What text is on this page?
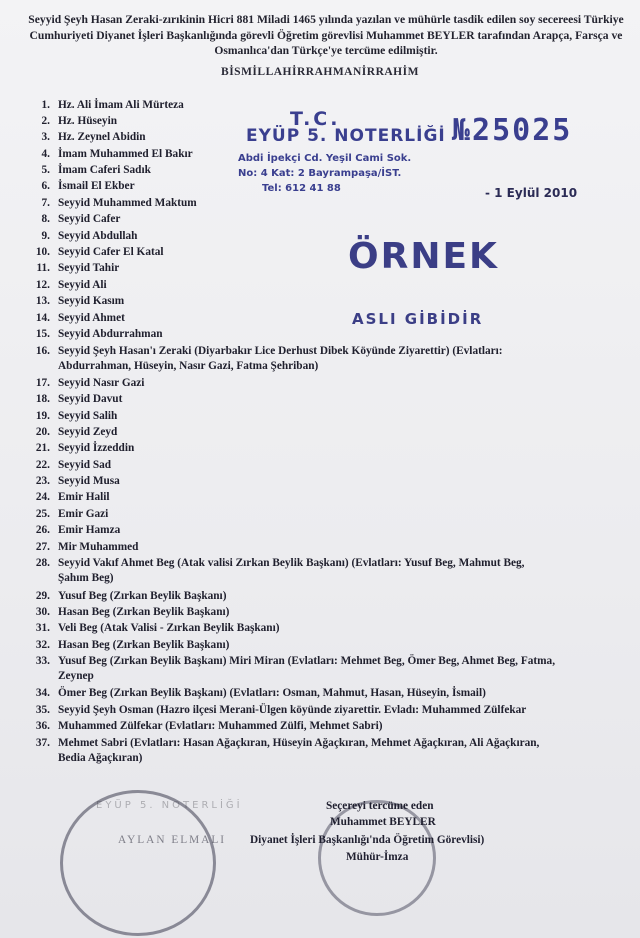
Seyyid Şeyh Hasan Zeraki-zırıkinin Hicri 881 Miladi 1465 yılında yazılan ve mühürle tasdik edilen soy secereesi Türkiye Cumhuriyeti Diyanet İşleri Başkanlığında görevli Öğretim görevlisi Muhammet BEYLER tarafından Arapça, Farsça ve Osmanlıca'dan Türkçe'ye tercüme edilmiştir.
BİSMİLLAHİRRAHMANİRRAHİM
1. Hz. Ali İmam Ali Mürteza
2. Hz. Hüseyin
3. Hz. Zeynel Abidin
4. İmam Muhammed El Bakır
5. İmam Caferi Sadık
6. İsmail El Ekber
7. Seyyid Muhammed Maktum
8. Seyyid Cafer
9. Seyyid Abdullah
10. Seyyid Cafer El Katal
11. Seyyid Tahir
12. Seyyid Ali
13. Seyyid Kasım
14. Seyyid Ahmet
15. Seyyid Abdurrahman
16. Seyyid Şeyh Hasan'ı Zeraki (Diyarbakır Lice Derhust Dibek Köyünde Ziyarettir) (Evlatları:
Abdurrahman, Hüseyin, Nasır Gazi, Fatma Şehriban)
17. Seyyid Nasır Gazi
18. Seyyid Davut
19. Seyyid Salih
20. Seyyid Zeyd
21. Seyyid İzzeddin
22. Seyyid Sad
23. Seyyid Musa
24. Emir Halil
25. Emir Gazi
26. Emir Hamza
27. Mir Muhammed
28. Seyyid Vakıf Ahmet Beg (Atak valisi Zırkan Beylik Başkanı) (Evlatları: Yusuf Beg, Mahmut Beg,
Şahım Beg)
29. Yusuf Beg (Zırkan Beylik Başkanı)
30. Hasan Beg (Zırkan Beylik Başkanı)
31. Veli Beg (Atak Valisi - Zırkan Beylik Başkanı)
32. Hasan Beg (Zırkan Beylik Başkanı)
33. Yusuf Beg (Zırkan Beylik Başkanı) Miri Miran (Evlatları: Mehmet Beg, Ömer Beg, Ahmet Beg, Fatma,
Zeynep
34. Ömer Beg (Zırkan Beylik Başkanı) (Evlatları: Osman, Mahmut, Hasan, Hüseyin, İsmail)
35. Seyyid Şeyh Osman (Hazro ilçesi Merani-Ülgen köyünde ziyarettir. Evladı: Muhammed Zülfekar
36. Muhammed Zülfekar (Evlatları: Muhammed Zülfi, Mehmet Sabri)
37. Mehmet Sabri (Evlatları: Hasan Ağaçkıran, Hüseyin Ağaçkıran, Mehmet Ağaçkıran, Ali Ağaçkıran,
Bedia Ağaçkıran)
T.C.
EYÜP 5. NOTERLİĞİ №25025
Abdi İpekçi Cd. Yeşil Cami Sok.
No: 4 Kat: 2 Bayrampaşa/İST.
Tel: 612 41 88	- 1 Eylül 2010
ÖRNEK
ASLI GİBİDİR
EYÜP 5. NOTERLİĞİ	Seçereyi tercüme eden
Muhammet BEYLER
AYLAN ELMALI Diyanet İşleri Başkanlığı'nda Öğretim Görevlisi)
Mühür-İmza
